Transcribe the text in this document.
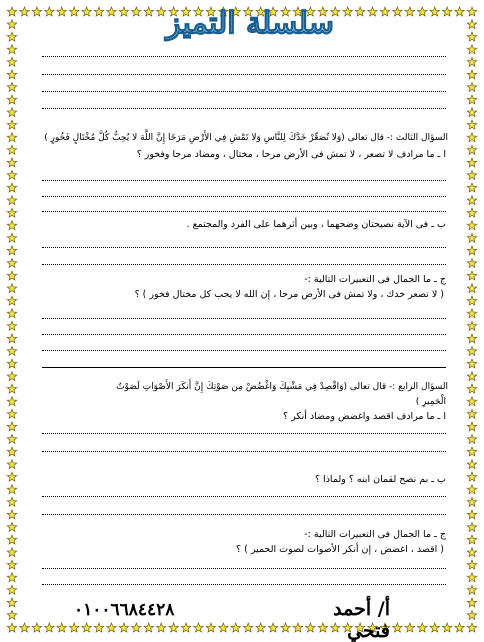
سلسلة التميز
السؤال الثالث :- قال تعالى (وَلا تُصَعِّرْ خَدَّكَ لِلنَّاسِ وَلا تَمْشِ فِي الأَرْضِ مَرَحًا إِنَّ اللَّهَ لا يُحِبُّ كُلَّ مُخْتَالٍ فَخُورٍ )
ا ـ ما مرادف لا تصعر ، لا تمش فى الأرض مرحا ، مختال ، ومضاد مرحا وفخور ؟
ب ـ فى الآية نصيحتان وضحهما ، وبين أثرهما على الفرد والمجتمع .
ج ـ ما الجمال فى التعبيرات التالية :-
( لا تصعر خدك ، ولا تمش فى الأرض مرحا ، إن الله لا يحب كل مختال فخور ) ؟
السؤال الرابع :- قال تعالى (وَاقْصِدْ فِي مَشْيِكَ وَاغْضُضْ مِن صَوْتِكَ إِنَّ أَنكَرَ الأَصْوَاتِ لَصَوْتُ
الْحَمِيرِ )
ا ـ ما مرادف اقصد واغضض ومضاد أنكر ؟
ب ـ بم نصح لقمان ابنه ؟ ولماذا ؟
ج ـ ما الجمال فى التعبيرات التالية :-
( اقصد ، اغضض ، إن أنكر الأصوات لصوت الحمير ) ؟
٠١٠٠٦٦٨٤٤٢٨	أ/ أحمد فتحي
